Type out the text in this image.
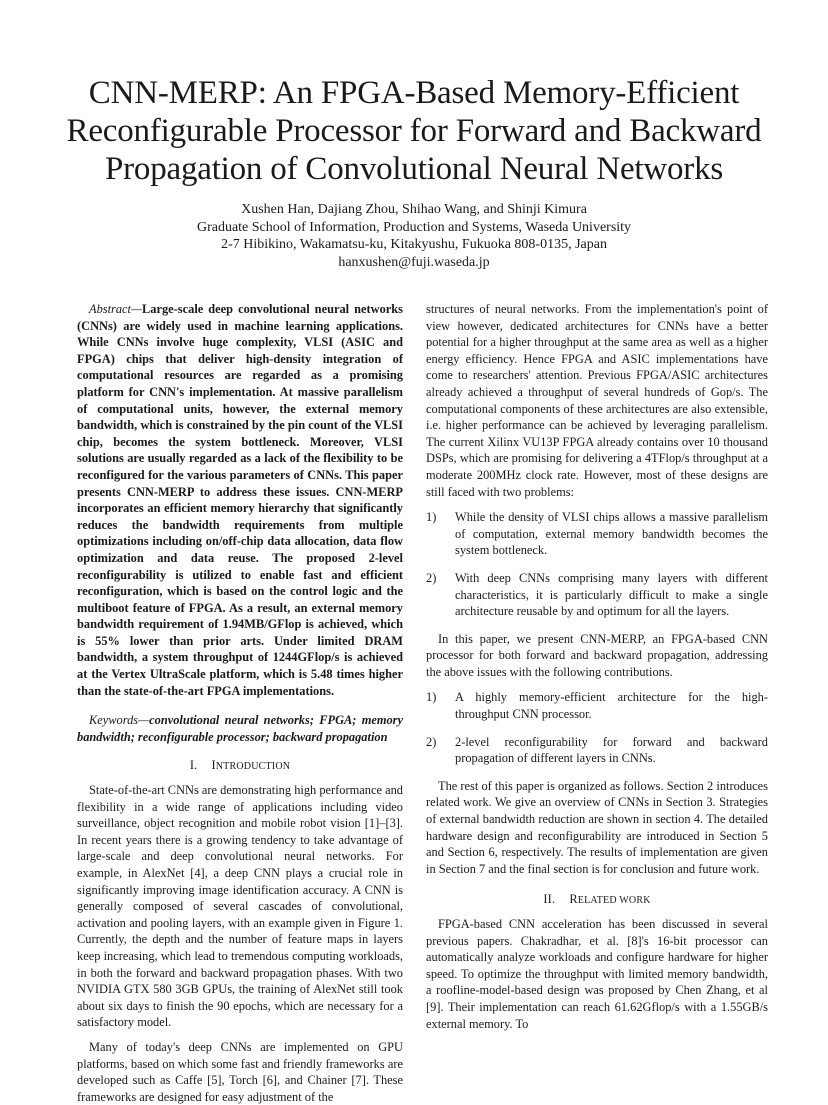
CNN-MERP: An FPGA-Based Memory-Efficient
Reconfigurable Processor for Forward and Backward
Propagation of Convolutional Neural Networks
Xushen Han, Dajiang Zhou, Shihao Wang, and Shinji Kimura
Graduate School of Information, Production and Systems, Waseda University
2-7 Hibikino, Wakamatsu-ku, Kitakyushu, Fukuoka 808-0135, Japan
hanxushen@fuji.waseda.jp

Abstract—Large-scale deep convolutional neural networks (CNNs) are widely used in machine learning applications. While CNNs involve huge complexity, VLSI (ASIC and FPGA) chips that deliver high-density integration of computational resources are regarded as a promising platform for CNN's implementation. At massive parallelism of computational units, however, the external memory bandwidth, which is constrained by the pin count of the VLSI chip, becomes the system bottleneck. Moreover, VLSI solutions are usually regarded as a lack of the flexibility to be reconfigured for the various parameters of CNNs. This paper presents CNN-MERP to address these issues. CNN-MERP incorporates an efficient memory hierarchy that significantly reduces the bandwidth requirements from multiple optimizations including on/off-chip data allocation, data flow optimization and data reuse. The proposed 2-level reconfigurability is utilized to enable fast and efficient reconfiguration, which is based on the control logic and the multiboot feature of FPGA. As a result, an external memory bandwidth requirement of 1.94MB/GFlop is achieved, which is 55% lower than prior arts. Under limited DRAM bandwidth, a system throughput of 1244GFlop/s is achieved at the Vertex UltraScale platform, which is 5.48 times higher than the state-of-the-art FPGA implementations.

Keywords—convolutional neural networks; FPGA; memory bandwidth; reconfigurable processor; backward propagation

I. INTRODUCTION

State-of-the-art CNNs are demonstrating high performance and flexibility in a wide range of applications including video surveillance, object recognition and mobile robot vision [1]–[3]. In recent years there is a growing tendency to take advantage of large-scale and deep convolutional neural networks. For example, in AlexNet [4], a deep CNN plays a crucial role in significantly improving image identification accuracy. A CNN is generally composed of several cascades of convolutional, activation and pooling layers, with an example given in Figure 1. Currently, the depth and the number of feature maps in layers keep increasing, which lead to tremendous computing workloads, in both the forward and backward propagation phases. With two NVIDIA GTX 580 3GB GPUs, the training of AlexNet still took about six days to finish the 90 epochs, which are necessary for a satisfactory model.

Many of today's deep CNNs are implemented on GPU platforms, based on which some fast and friendly frameworks are developed such as Caffe [5], Torch [6], and Chainer [7]. These frameworks are designed for easy adjustment of the

structures of neural networks. From the implementation's point of view however, dedicated architectures for CNNs have a better potential for a higher throughput at the same area as well as a higher energy efficiency. Hence FPGA and ASIC implementations have come to researchers' attention. Previous FPGA/ASIC architectures already achieved a throughput of several hundreds of Gop/s. The computational components of these architectures are also extensible, i.e. higher performance can be achieved by leveraging parallelism. The current Xilinx VU13P FPGA already contains over 10 thousand DSPs, which are promising for delivering a 4TFlop/s throughput at a moderate 200MHz clock rate. However, most of these designs are still faced with two problems:

1) While the density of VLSI chips allows a massive parallelism of computation, external memory bandwidth becomes the system bottleneck.
2) With deep CNNs comprising many layers with different characteristics, it is particularly difficult to make a single architecture reusable by and optimum for all the layers.

In this paper, we present CNN-MERP, an FPGA-based CNN processor for both forward and backward propagation, addressing the above issues with the following contributions.

1) A highly memory-efficient architecture for the high-throughput CNN processor.
2) 2-level reconfigurability for forward and backward propagation of different layers in CNNs.

The rest of this paper is organized as follows. Section 2 introduces related work. We give an overview of CNNs in Section 3. Strategies of external bandwidth reduction are shown in section 4. The detailed hardware design and reconfigurability are introduced in Section 5 and Section 6, respectively. The results of implementation are given in Section 7 and the final section is for conclusion and future work.

II. RELATED WORK

FPGA-based CNN acceleration has been discussed in several previous papers. Chakradhar, et al. [8]'s 16-bit processor can automatically analyze workloads and configure hardware for higher speed. To optimize the throughput with limited memory bandwidth, a roofline-model-based design was proposed by Chen Zhang, et al [9]. Their implementation can reach 61.62Gflop/s with a 1.55GB/s external memory. To
